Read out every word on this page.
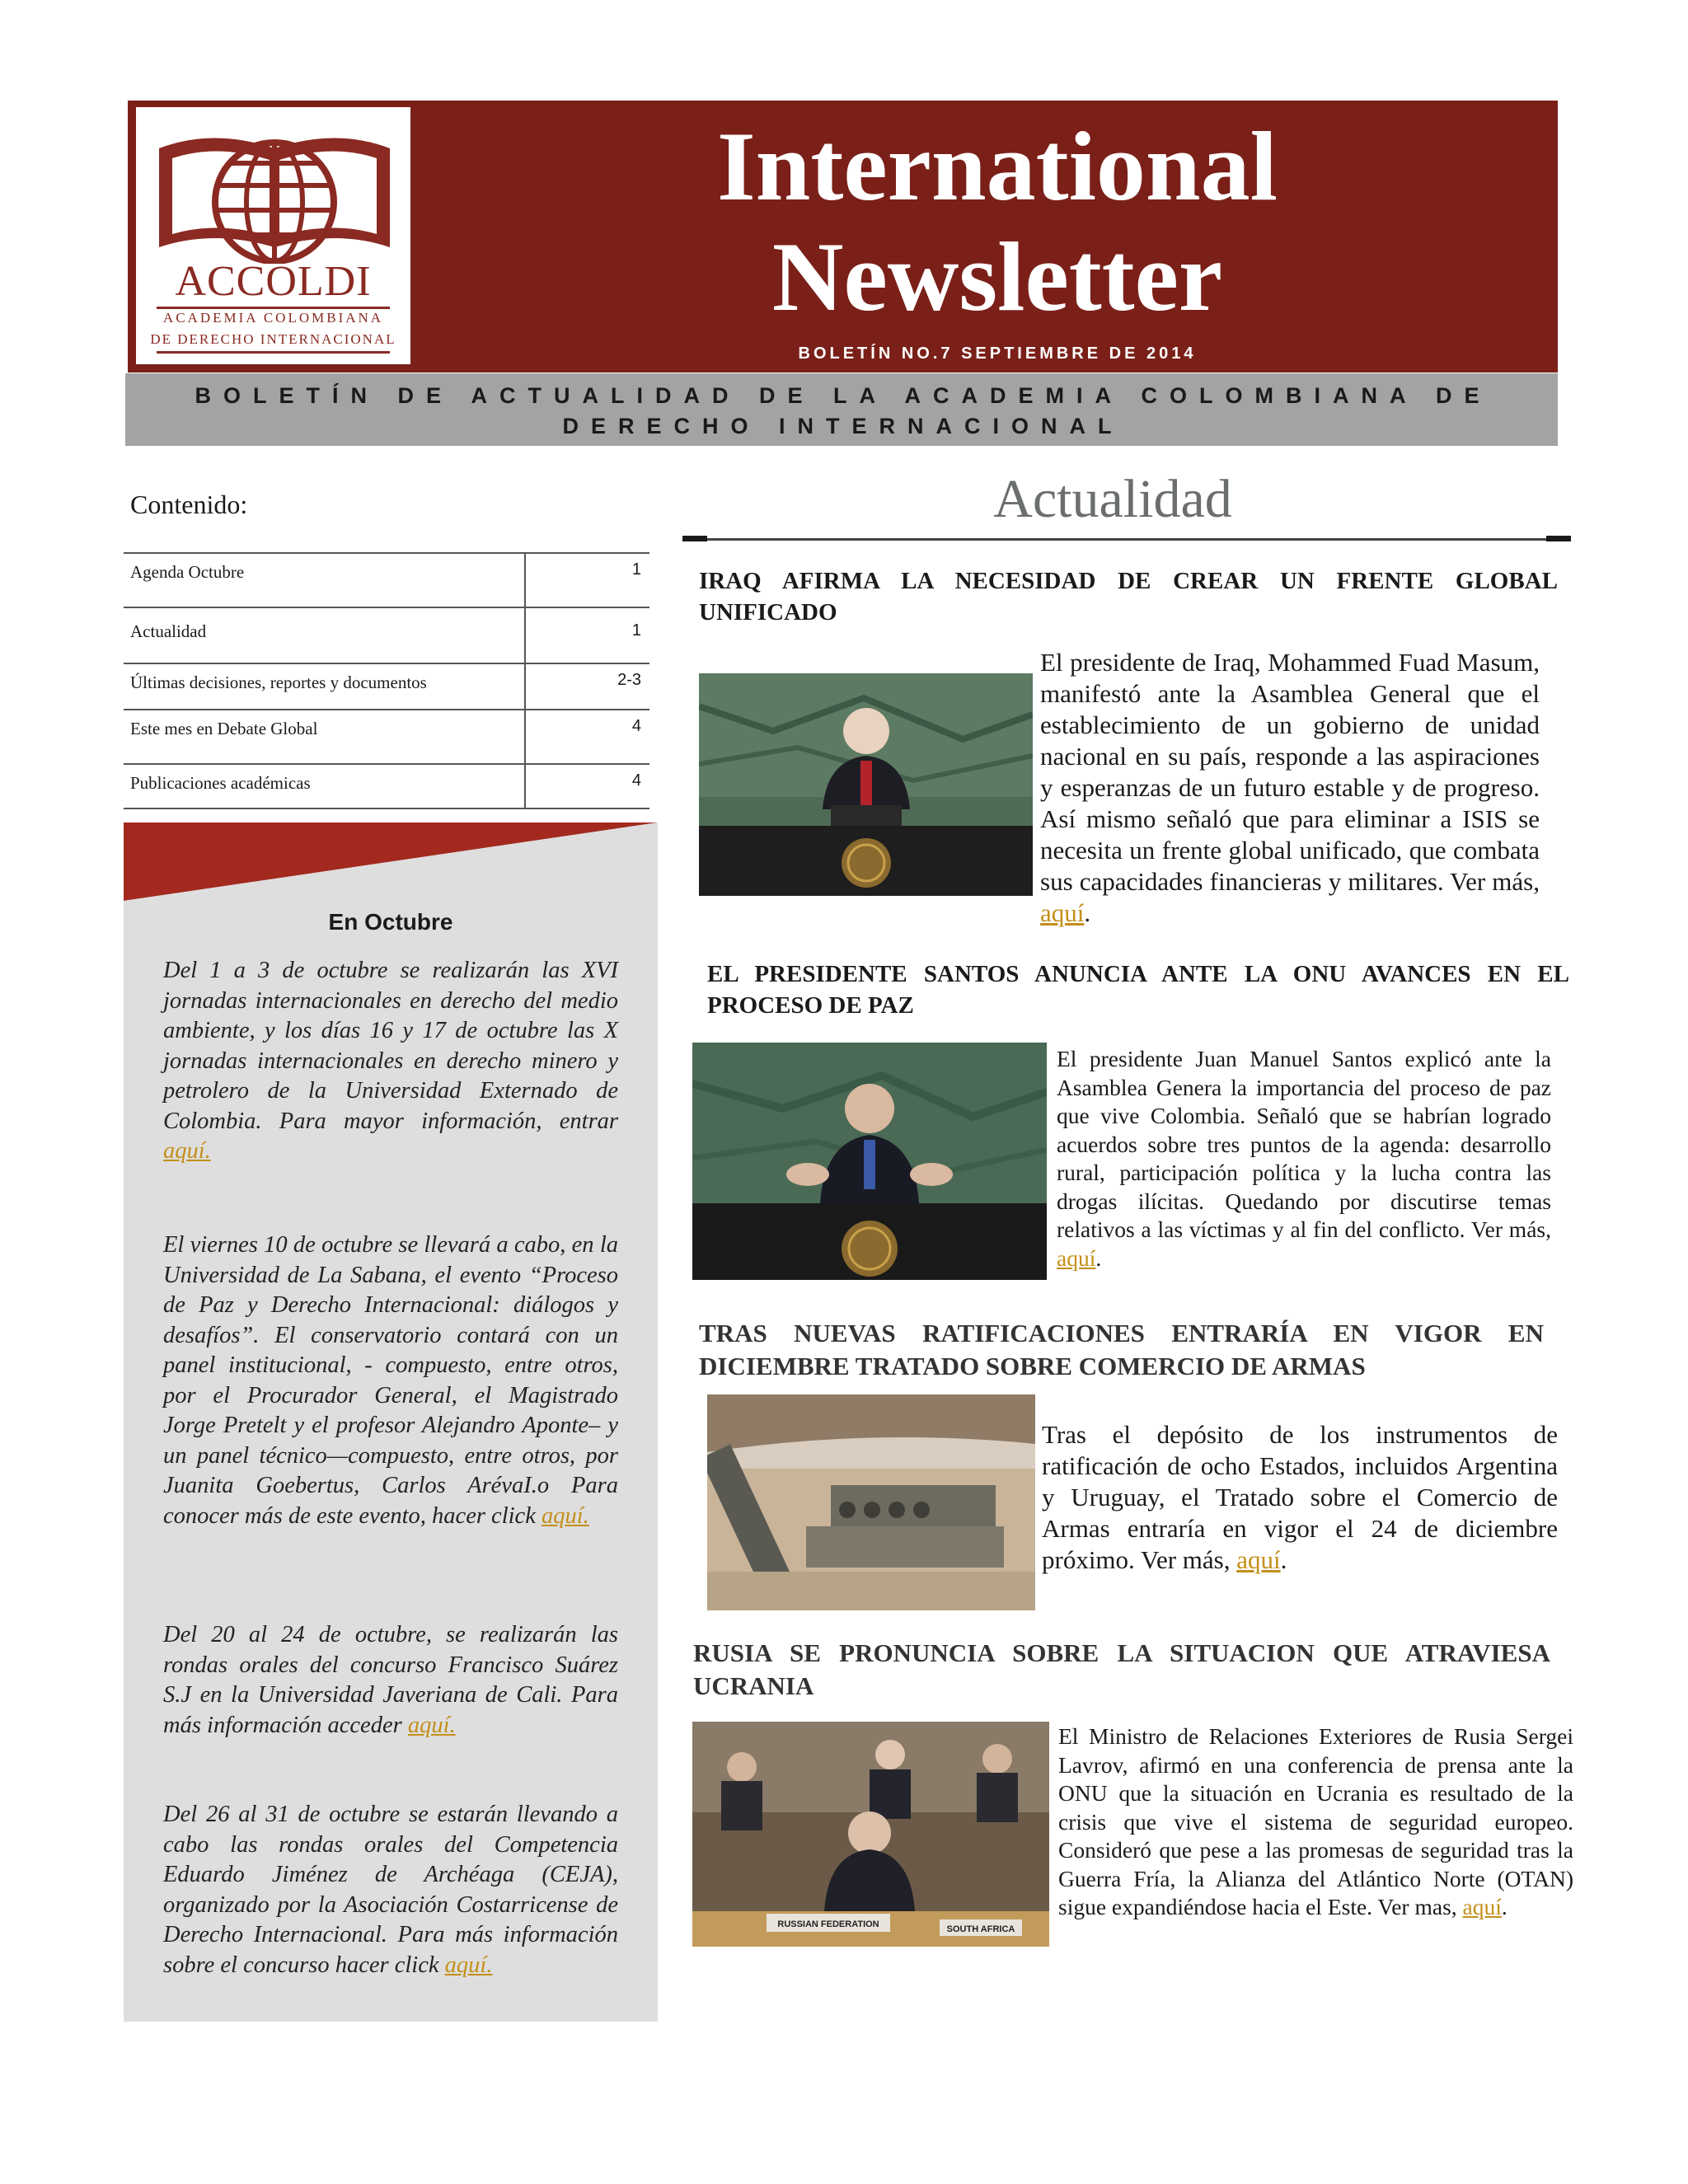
ACCOLDI
ACADEMIA COLOMBIANA
DE DERECHO INTERNACIONAL
International
Newsletter
BOLETÍN NO.7 SEPTIEMBRE DE 2014
BOLETÍN DE ACTUALIDAD DE LA ACADEMIA COLOMBIANA DE DERECHO INTERNACIONAL
Contenido:
Agenda Octubre	1
Actualidad	1
Últimas decisiones, reportes y documentos	2-3
Este mes en Debate Global	4
Publicaciones académicas	4
En Octubre
Del 1 a 3 de octubre se realizarán las XVI jornadas internacionales en derecho del medio ambiente, y los días 16 y 17 de octubre las X jornadas internacionales en derecho minero y petrolero de la Universidad Externado de Colombia. Para mayor información, entrar aquí.
El viernes 10 de octubre se llevará a cabo, en la Universidad de La Sabana, el evento “Proceso de Paz y Derecho Internacional: diálogos y desafíos”. El conservatorio contará con un panel institucional, - compuesto, entre otros, por el Procurador General, el Magistrado Jorge Pretelt y el profesor Alejandro Aponte– y un panel técnico—compuesto, entre otros, por Juanita Goebertus, Carlos ArévaI.o Para conocer más de este evento, hacer click aquí.
Del 20 al 24 de octubre, se realizarán las rondas orales del concurso Francisco Suárez S.J en la Universidad Javeriana de Cali. Para más información acceder aquí.
Del 26 al 31 de octubre se estarán llevando a cabo las rondas orales del Competencia Eduardo Jiménez de Archéaga (CEJA), organizado por la Asociación Costarricense de Derecho Internacional. Para más información sobre el concurso hacer click aquí.
Actualidad
IRAQ AFIRMA LA NECESIDAD DE CREAR UN FRENTE GLOBAL UNIFICADO
El presidente de Iraq, Mohammed Fuad Masum, manifestó ante la Asamblea General que el establecimiento de un gobierno de unidad nacional en su país, responde a las aspiraciones y esperanzas de un futuro estable y de progreso. Así mismo señaló que para eliminar a ISIS se necesita un frente global unificado, que combata sus capacidades financieras y militares. Ver más, aquí.
EL PRESIDENTE SANTOS ANUNCIA ANTE LA ONU AVANCES EN EL PROCESO DE PAZ
El presidente Juan Manuel Santos explicó ante la Asamblea Genera la importancia del proceso de paz que vive Colombia. Señaló que se habrían logrado acuerdos sobre tres puntos de la agenda: desarrollo rural, participación política y la lucha contra las drogas ilícitas. Quedando por discutirse temas relativos a las víctimas y al fin del conflicto. Ver más, aquí.
TRAS NUEVAS RATIFICACIONES ENTRARÍA EN VIGOR EN DICIEMBRE TRATADO SOBRE COMERCIO DE ARMAS
Tras el depósito de los instrumentos de ratificación de ocho Estados, incluidos Argentina y Uruguay, el Tratado sobre el Comercio de Armas entraría en vigor el 24 de diciembre próximo. Ver más, aquí.
RUSIA SE PRONUNCIA SOBRE LA SITUACION QUE ATRAVIESA UCRANIA
RUSSIAN FEDERATION	SOUTH AFRICA
El Ministro de Relaciones Exteriores de Rusia Sergei Lavrov, afirmó en una conferencia de prensa ante la ONU que la situación en Ucrania es resultado de la crisis que vive el sistema de seguridad europeo. Consideró que pese a las promesas de seguridad tras la Guerra Fría, la Alianza del Atlántico Norte (OTAN) sigue expandiéndose hacia el Este. Ver mas, aquí.
